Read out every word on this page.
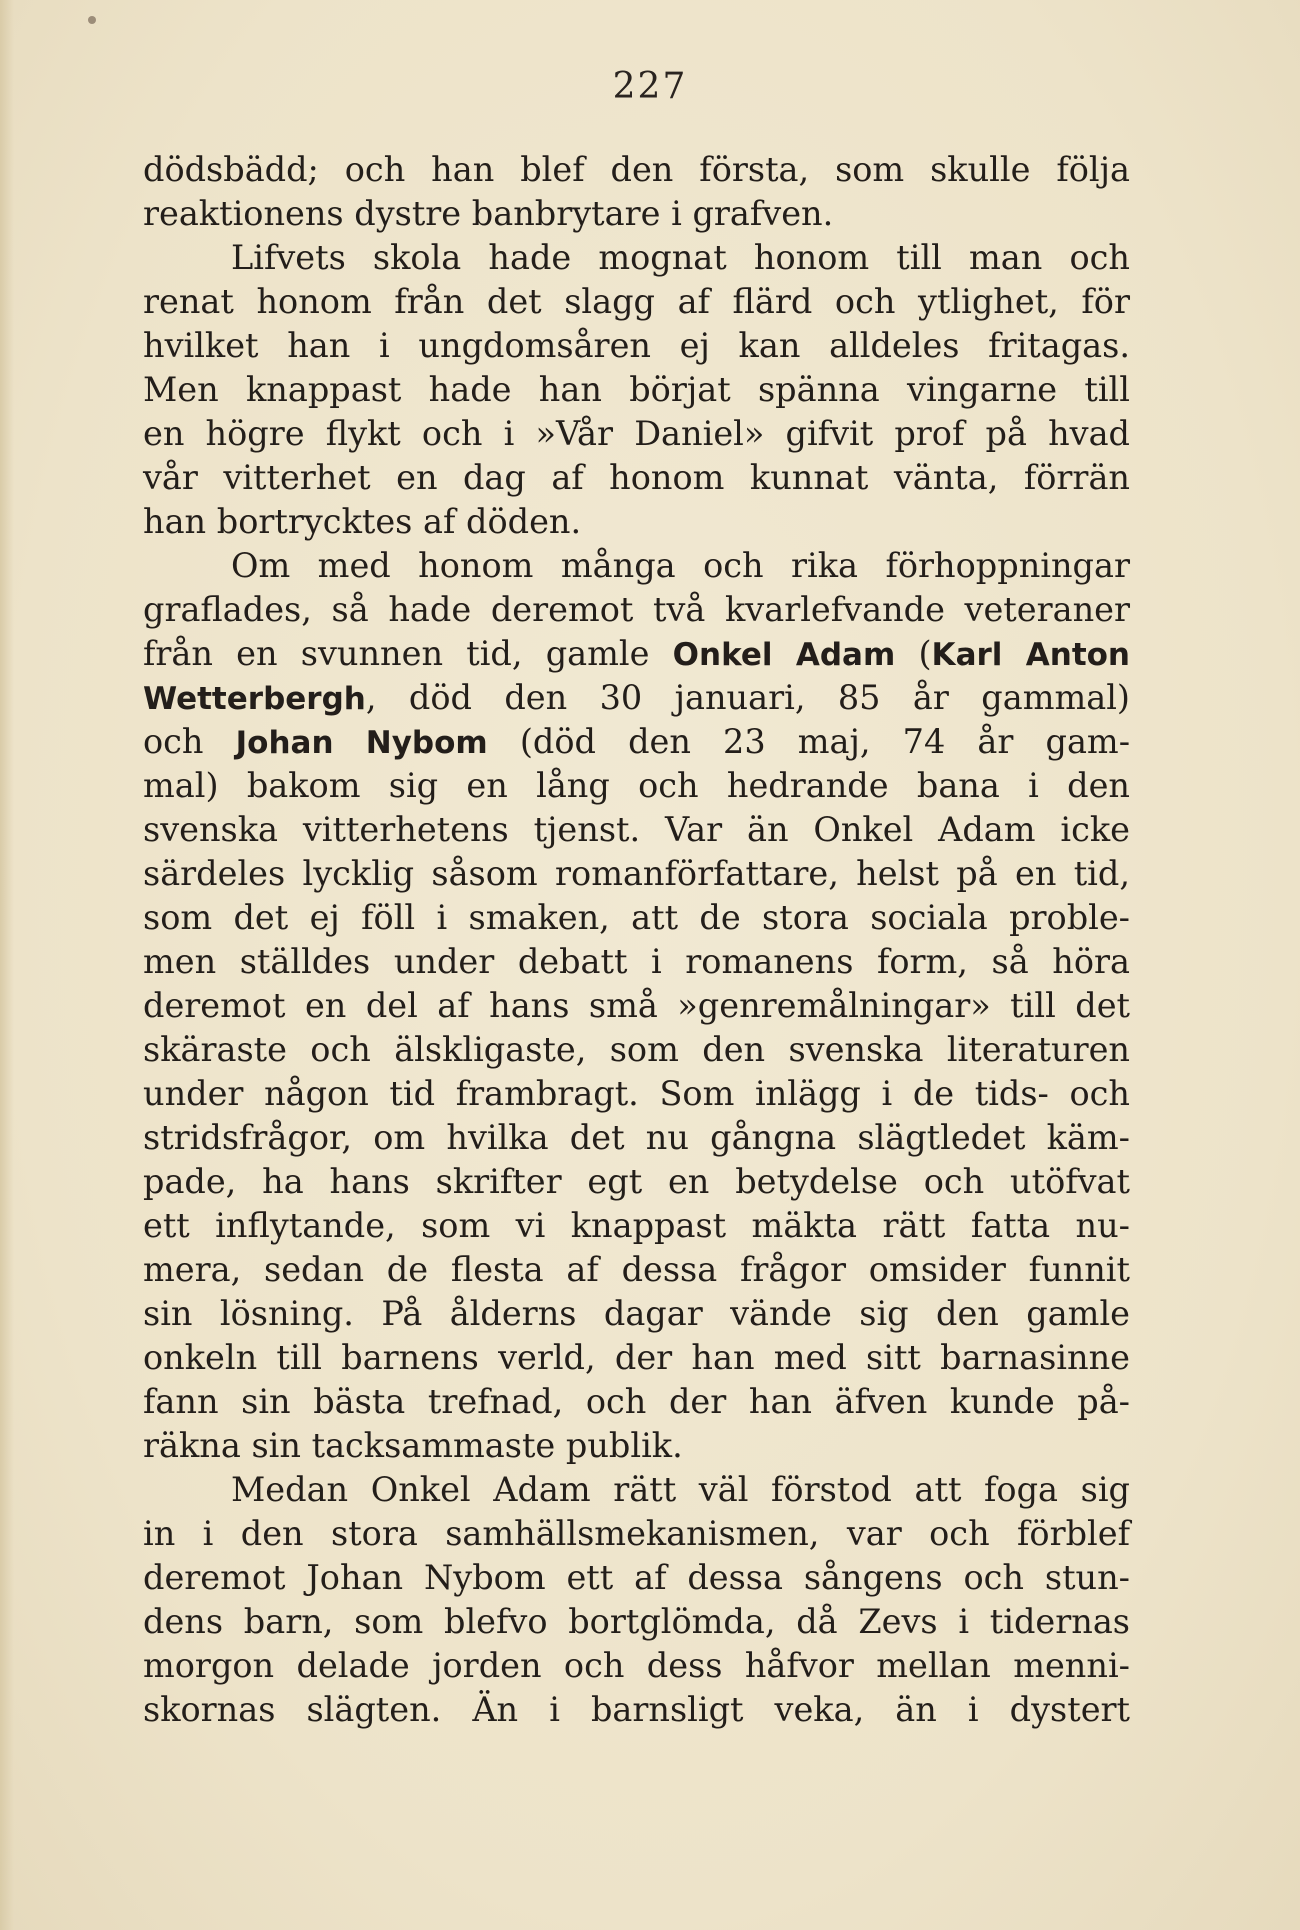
227
dödsbädd; och han blef den första, som skulle följa
reaktionens dystre banbrytare i grafven.
Lifvets skola hade mognat honom till man och
renat honom från det slagg af flärd och ytlighet, för
hvilket han i ungdomsåren ej kan alldeles fritagas.
Men knappast hade han börjat spänna vingarne till
en högre flykt och i »Vår Daniel» gifvit prof på hvad
vår vitterhet en dag af honom kunnat vänta, förrän
han bortrycktes af döden.
Om med honom många och rika förhoppningar
graflades, så hade deremot två kvarlefvande veteraner
från en svunnen tid, gamle Onkel Adam (Karl Anton
Wetterbergh, död den 30 januari, 85 år gammal)
och Johan Nybom (död den 23 maj, 74 år gam-
mal) bakom sig en lång och hedrande bana i den
svenska vitterhetens tjenst. Var än Onkel Adam icke
särdeles lycklig såsom romanförfattare, helst på en tid,
som det ej föll i smaken, att de stora sociala proble-
men ställdes under debatt i romanens form, så höra
deremot en del af hans små »genremålningar» till det
skäraste och älskligaste, som den svenska literaturen
under någon tid frambragt. Som inlägg i de tids- och
stridsfrågor, om hvilka det nu gångna slägtledet käm-
pade, ha hans skrifter egt en betydelse och utöfvat
ett inflytande, som vi knappast mäkta rätt fatta nu-
mera, sedan de flesta af dessa frågor omsider funnit
sin lösning. På ålderns dagar vände sig den gamle
onkeln till barnens verld, der han med sitt barnasinne
fann sin bästa trefnad, och der han äfven kunde på-
räkna sin tacksammaste publik.
Medan Onkel Adam rätt väl förstod att foga sig
in i den stora samhällsmekanismen, var och förblef
deremot Johan Nybom ett af dessa sångens och stun-
dens barn, som blefvo bortglömda, då Zevs i tidernas
morgon delade jorden och dess håfvor mellan menni-
skornas slägten. Än i barnsligt veka, än i dystert
